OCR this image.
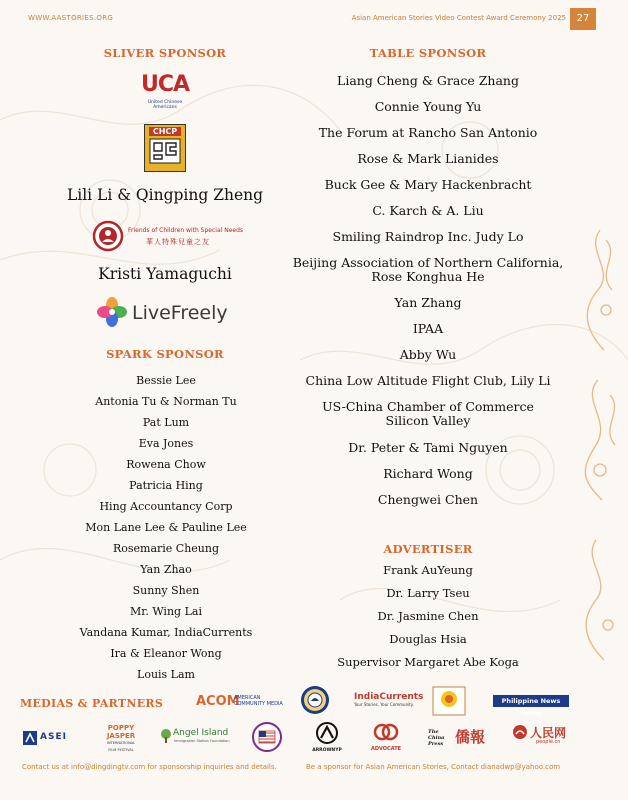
WWW.AASTORIES.ORG	Asian American Stories Video Contest Award Ceremony 2025	27
SLIVER SPONSOR
UCA
United Chinese Americans
CHCP
Lili Li & Qingping Zheng
Friends of Children with Special Needs
華人特殊兒童之友
Kristi Yamaguchi
LiveFreely
SPARK SPONSOR
Bessie Lee
Antonia Tu & Norman Tu
Pat Lum
Eva Jones
Rowena Chow
Patricia Hing
Hing Accountancy Corp
Mon Lane Lee & Pauline Lee
Rosemarie Cheung
Yan Zhao
Sunny Shen
Mr. Wing Lai
Vandana Kumar, IndiaCurrents
Ira & Eleanor Wong
Louis Lam
TABLE SPONSOR
Liang Cheng & Grace Zhang
Connie Young Yu
The Forum at Rancho San Antonio
Rose & Mark Lianides
Buck Gee & Mary Hackenbracht
C. Karch & A. Liu
Smiling Raindrop Inc. Judy Lo
Beijing Association of Northern California,
Rose Konghua He
Yan Zhang
IPAA
Abby Wu
China Low Altitude Flight Club, Lily Li
US-China Chamber of Commerce
Silicon Valley
Dr. Peter & Tami Nguyen
Richard Wong
Chengwei Chen
ADVERTISER
Frank AuYeung
Dr. Larry Tseu
Dr. Jasmine Chen
Douglas Hsia
Supervisor Margaret Abe Koga
MEDIAS & PARTNERS	ACOM
AMERICAN COMMUNITY MEDIA
IndiaCurrents
Your Stories. Your Community.	Philippine News Today
ASEI
POPPY JASPER
INTERNATIONAL FILM FESTIVAL
Angel Island
Immigration Station Foundation
ARROWNYP	ADVOCATE
The China Press 僑報	人民网
people.cn
Contact us at info@dingdingtv.com for sponsorship inquiries and details.	Be a sponsor for Asian American Stories, Contact dianadwp@yahoo.com
